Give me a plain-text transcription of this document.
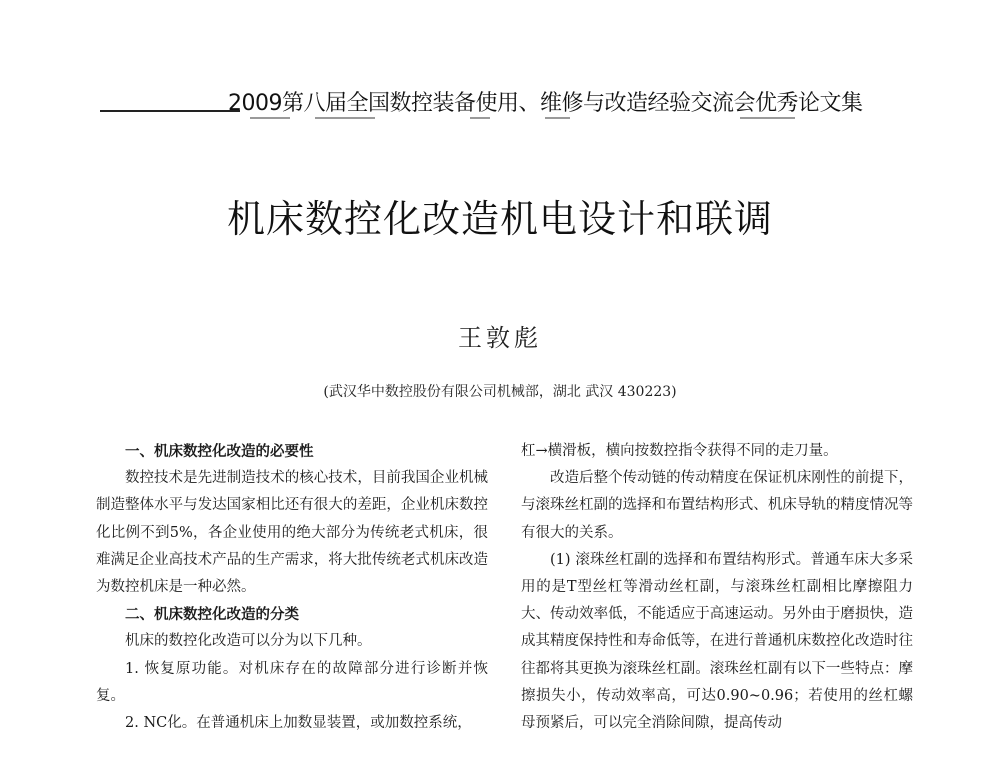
2009第八届全国数控装备使用、维修与改造经验交流会优秀论文集
机床数控化改造机电设计和联调
王敦彪
(武汉华中数控股份有限公司机械部，湖北 武汉 430223)
一、机床数控化改造的必要性

数控技术是先进制造技术的核心技术，目前我国企业机械制造整体水平与发达国家相比还有很大的差距，企业机床数控化比例不到5%，各企业使用的绝大部分为传统老式机床，很难满足企业高技术产品的生产需求，将大批传统老式机床改造为数控机床是一种必然。

二、机床数控化改造的分类

机床的数控化改造可以分为以下几种。

1. 恢复原功能。对机床存在的故障部分进行诊断并恢复。

2. NC化。在普通机床上加数显装置，或加数控系统，

杠→横滑板，横向按数控指令获得不同的走刀量。

改造后整个传动链的传动精度在保证机床刚性的前提下，与滚珠丝杠副的选择和布置结构形式、机床导轨的精度情况等有很大的关系。

(1) 滚珠丝杠副的选择和布置结构形式。普通车床大多采用的是T型丝杠等滑动丝杠副，与滚珠丝杠副相比摩擦阻力大、传动效率低，不能适应于高速运动。另外由于磨损快，造成其精度保持性和寿命低等，在进行普通机床数控化改造时往往都将其更换为滚珠丝杠副。滚珠丝杠副有以下一些特点：摩擦损失小，传动效率高，可达0.90~0.96；若使用的丝杠螺母预紧后，可以完全消除间隙，提高传动
